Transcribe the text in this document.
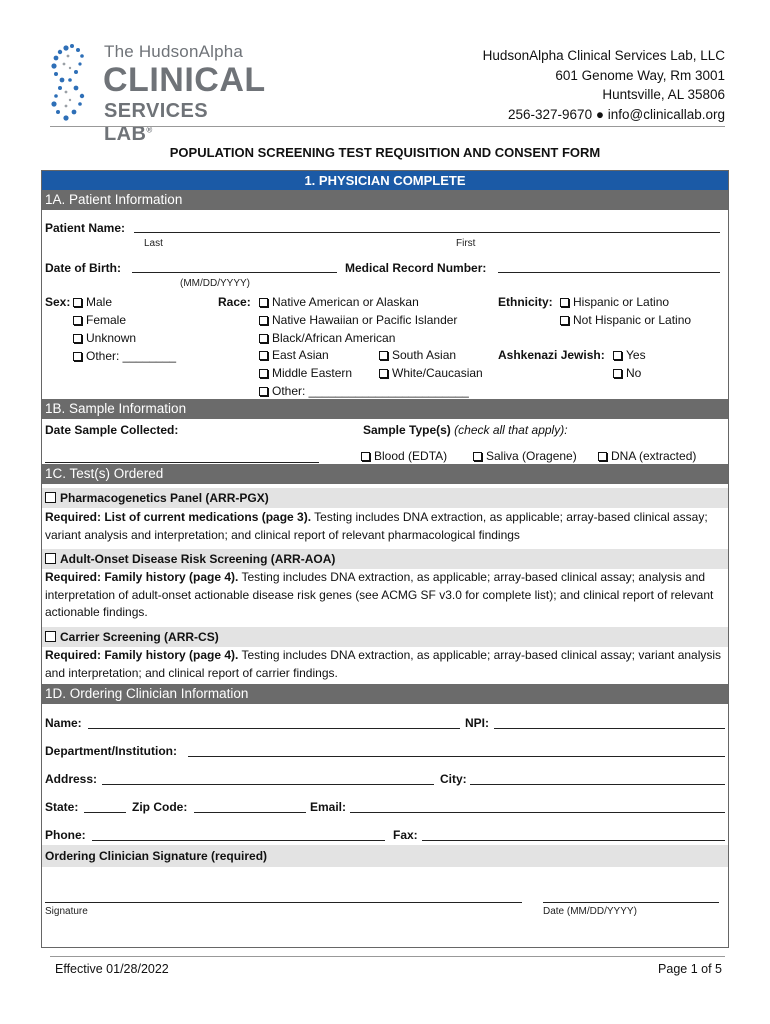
The HudsonAlpha
CLINICAL
SERVICES LAB®
HudsonAlpha Clinical Services Lab, LLC
601 Genome Way, Rm 3001
Huntsville, AL 35806
256-327-9670 ● info@clinicallab.org
POPULATION SCREENING TEST REQUISITION AND CONSENT FORM
1. PHYSICIAN COMPLETE
1A. Patient Information
Patient Name:
Last	First
Date of Birth:
(MM/DD/YYYY)
Medical Record Number:
Sex:	Male
Female
Unknown
Other: ________
Race:	Native American or Alaskan
Native Hawaiian or Pacific Islander
Black/African American
East Asian	South Asian
Middle Eastern	White/Caucasian
Other: ________________________
Ethnicity:	Hispanic or Latino
Not Hispanic or Latino
Ashkenazi Jewish:	Yes
No
1B. Sample Information
Date Sample Collected:	Sample Type(s) (check all that apply):
Blood (EDTA)	Saliva (Oragene)	DNA (extracted)
1C. Test(s) Ordered
Pharmacogenetics Panel (ARR-PGX)
Required: List of current medications (page 3). Testing includes DNA extraction, as applicable; array-based clinical assay; variant analysis and interpretation; and clinical report of relevant pharmacological findings
Adult-Onset Disease Risk Screening (ARR-AOA)
Required: Family history (page 4). Testing includes DNA extraction, as applicable; array-based clinical assay; analysis and interpretation of adult-onset actionable disease risk genes (see ACMG SF v3.0 for complete list); and clinical report of relevant actionable findings.
Carrier Screening (ARR-CS)
Required: Family history (page 4). Testing includes DNA extraction, as applicable; array-based clinical assay; variant analysis and interpretation; and clinical report of carrier findings.
1D. Ordering Clinician Information
Name:	NPI:
Department/Institution:
Address:	City:
State:	Zip Code:	Email:
Phone:	Fax:
Ordering Clinician Signature (required)
Signature	Date (MM/DD/YYYY)
Effective 01/28/2022	Page 1 of 5
